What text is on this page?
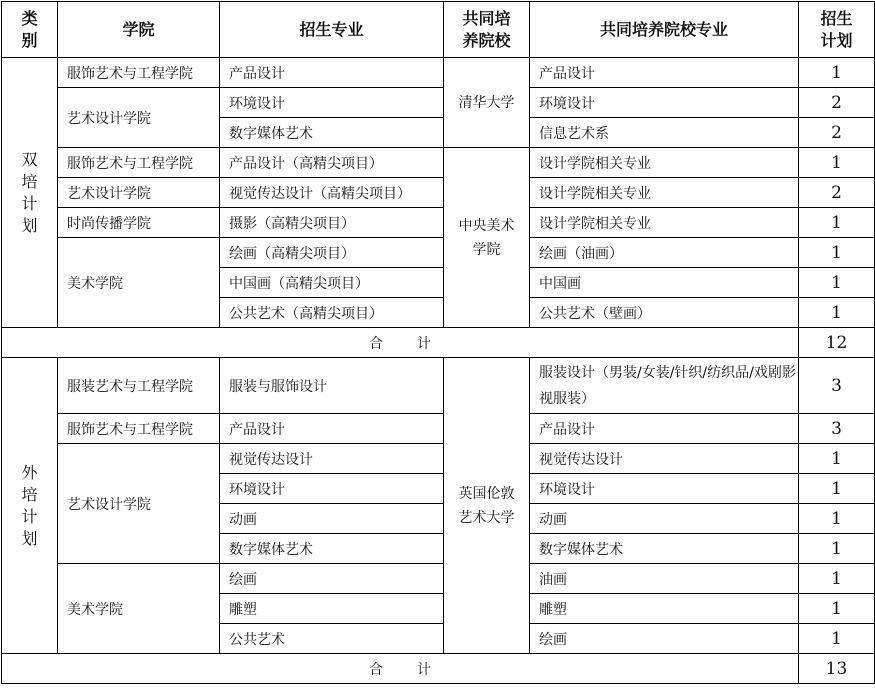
类别	学院	招生专业	共同培养院校	共同培养院校专业	招生计划
双培计划	服饰艺术与工程学院	产品设计	清华大学	产品设计	1
	艺术设计学院	环境设计		环境设计	2
		数字媒体艺术		信息艺术系	2
	服饰艺术与工程学院	产品设计（高精尖项目）	中央美术学院	设计学院相关专业	1
	艺术设计学院	视觉传达设计（高精尖项目）		设计学院相关专业	2
	时尚传播学院	摄影（高精尖项目）		设计学院相关专业	1
	美术学院	绘画（高精尖项目）		绘画（油画）	1
		中国画（高精尖项目）		中国画	1
		公共艺术（高精尖项目）		公共艺术（壁画）	1
合 计					12
外培计划	服装艺术与工程学院	服装与服饰设计	英国伦敦艺术大学	服装设计（男装/女装/针织/纺织品/戏剧影视服装）	3
	服饰艺术与工程学院	产品设计		产品设计	3
	艺术设计学院	视觉传达设计		视觉传达设计	1
		环境设计		环境设计	1
		动画		动画	1
		数字媒体艺术		数字媒体艺术	1
	美术学院	绘画		油画	1
		雕塑		雕塑	1
		公共艺术		绘画	1
合 计					13
